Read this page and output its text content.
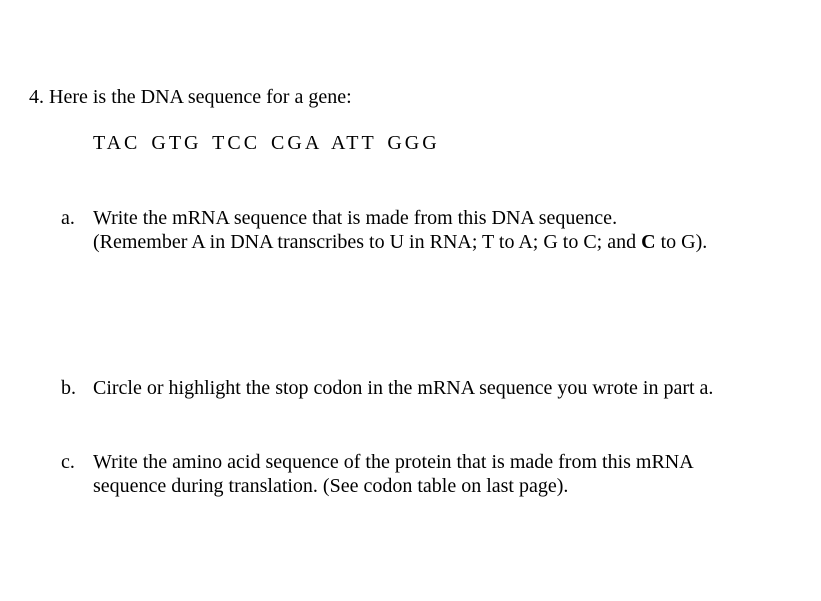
4. Here is the DNA sequence for a gene:
TAC GTG TCC CGA ATT GGG
a. Write the mRNA sequence that is made from this DNA sequence.
(Remember A in DNA transcribes to U in RNA; T to A; G to C; and C to G).
b. Circle or highlight the stop codon in the mRNA sequence you wrote in part a.
c. Write the amino acid sequence of the protein that is made from this mRNA
sequence during translation. (See codon table on last page).
